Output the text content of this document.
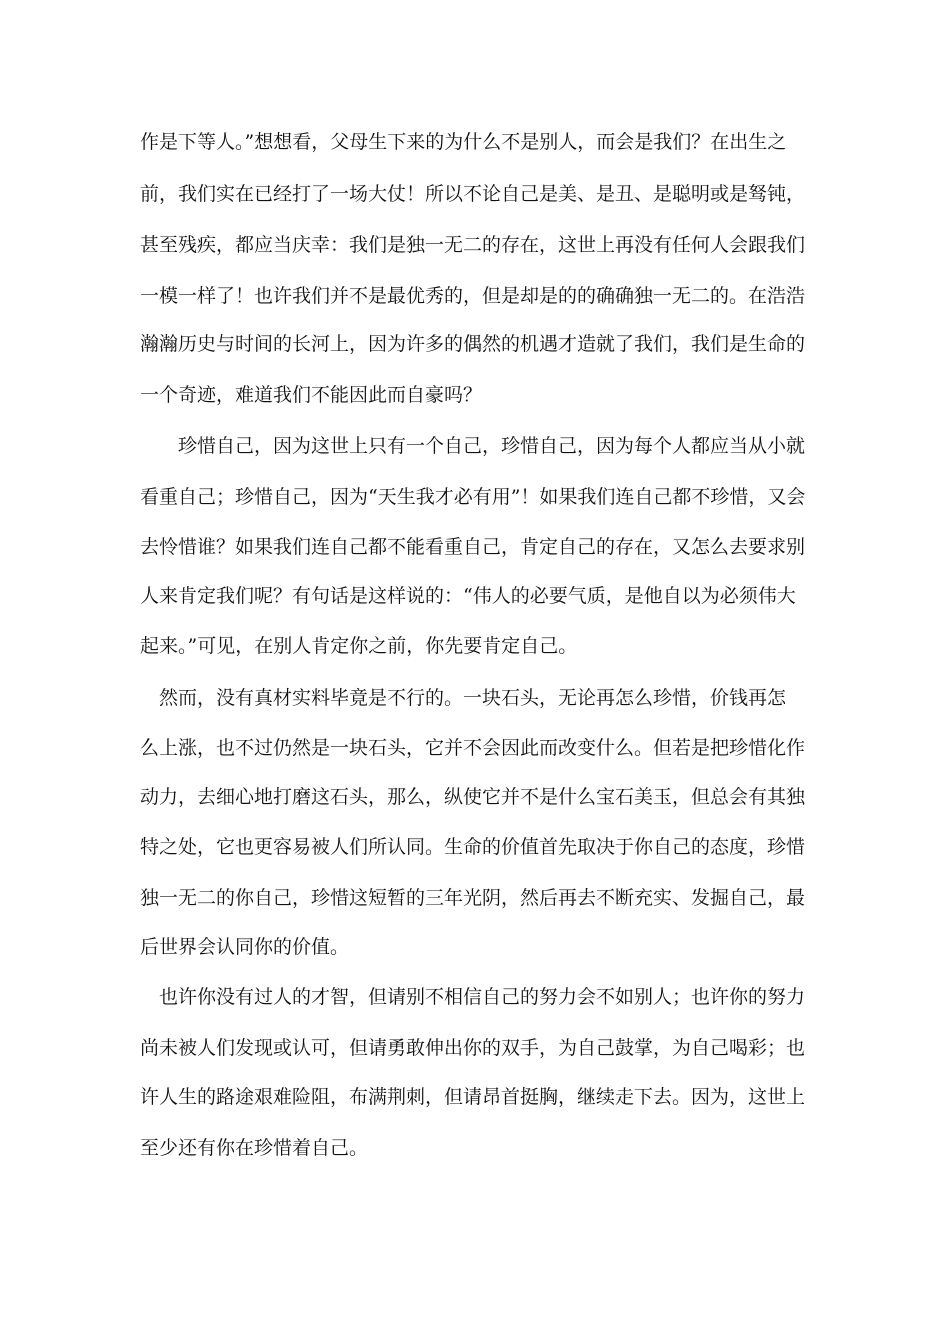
作是下等人。”想想看，父母生下来的为什么不是别人，而会是我们？在出生之
前，我们实在已经打了一场大仗！所以不论自己是美、是丑、是聪明或是驽钝，
甚至残疾，都应当庆幸：我们是独一无二的存在，这世上再没有任何人会跟我们
一模一样了！也许我们并不是最优秀的，但是却是的的确确独一无二的。在浩浩
瀚瀚历史与时间的长河上，因为许多的偶然的机遇才造就了我们，我们是生命的
一个奇迹，难道我们不能因此而自豪吗？
　　珍惜自己，因为这世上只有一个自己，珍惜自己，因为每个人都应当从小就
看重自己；珍惜自己，因为“天生我才必有用”！如果我们连自己都不珍惜，又会
去怜惜谁？如果我们连自己都不能看重自己，肯定自己的存在，又怎么去要求别
人来肯定我们呢？有句话是这样说的：“伟人的必要气质，是他自以为必须伟大
起来。”可见，在别人肯定你之前，你先要肯定自己。
　然而，没有真材实料毕竟是不行的。一块石头，无论再怎么珍惜，价钱再怎
么上涨，也不过仍然是一块石头，它并不会因此而改变什么。但若是把珍惜化作
动力，去细心地打磨这石头，那么，纵使它并不是什么宝石美玉，但总会有其独
特之处，它也更容易被人们所认同。生命的价值首先取决于你自己的态度，珍惜
独一无二的你自己，珍惜这短暂的三年光阴，然后再去不断充实、发掘自己，最
后世界会认同你的价值。
　也许你没有过人的才智，但请别不相信自己的努力会不如别人；也许你的努力
尚未被人们发现或认可，但请勇敢伸出你的双手，为自己鼓掌，为自己喝彩；也
许人生的路途艰难险阻，布满荆刺，但请昂首挺胸，继续走下去。因为，这世上
至少还有你在珍惜着自己。
